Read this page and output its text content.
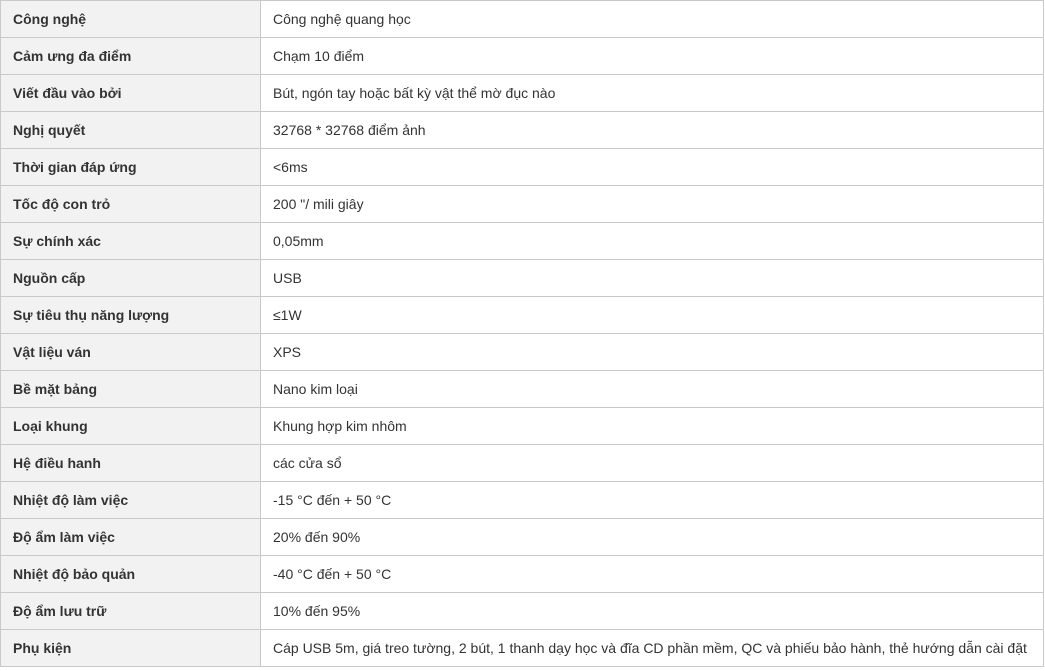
Công nghệ	Công nghệ quang học
Cảm ưng đa điểm	Chạm 10 điểm
Viết đầu vào bởi	Bút, ngón tay hoặc bất kỳ vật thể mờ đục nào
Nghị quyết	32768 * 32768 điểm ảnh
Thời gian đáp ứng	<6ms
Tốc độ con trỏ	200 "/ mili giây
Sự chính xác	0,05mm
Nguồn cấp	USB
Sự tiêu thụ năng lượng	≤1W
Vật liệu ván	XPS
Bề mặt bảng	Nano kim loại
Loại khung	Khung hợp kim nhôm
Hệ điều hanh	các cửa sổ
Nhiệt độ làm việc	-15 °C đến + 50 °C
Độ ẩm làm việc	20% đến 90%
Nhiệt độ bảo quản	-40 °C đến + 50 °C
Độ ẩm lưu trữ	10% đến 95%
Phụ kiện	Cáp USB 5m, giá treo tường, 2 bút, 1 thanh dạy học và đĩa CD phần mềm, QC và phiếu bảo hành, thẻ hướng dẫn cài đặt
